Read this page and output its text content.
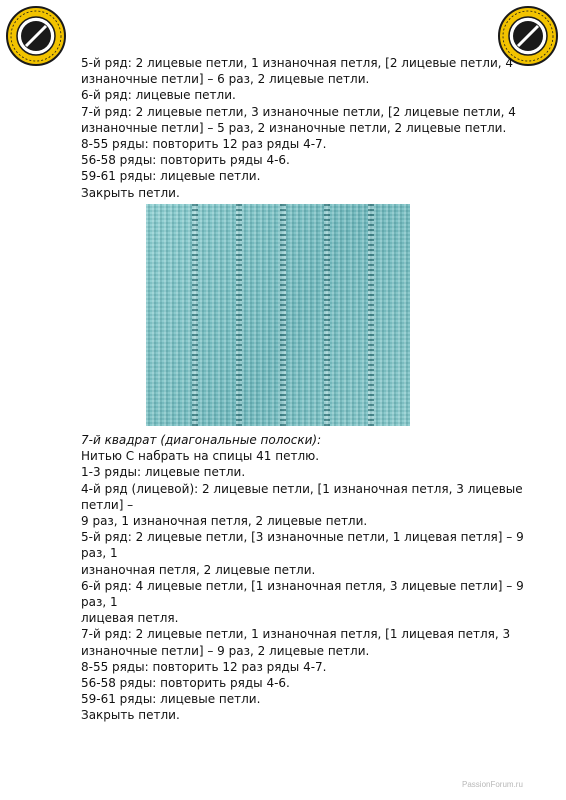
5-й ряд: 2 лицевые петли, 1 изнаночная петля, [2 лицевые петли, 4

изнаночные петли] – 6 раз, 2 лицевые петли.

6-й ряд: лицевые петли.

7-й ряд: 2 лицевые петли, 3 изнаночные петли, [2 лицевые петли, 4

изнаночные петли] – 5 раз, 2 изнаночные петли, 2 лицевые петли.

8-55 ряды: повторить 12 раз ряды 4-7.

56-58 ряды: повторить ряды 4-6.

59-61 ряды: лицевые петли.

Закрыть петли.

7-й квадрат (диагональные полоски):

Нитью С набрать на спицы 41 петлю.

1-3 ряды: лицевые петли.

4-й ряд (лицевой): 2 лицевые петли, [1 изнаночная петля, 3 лицевые петли] –

9 раз, 1 изнаночная петля, 2 лицевые петли.

5-й ряд: 2 лицевые петли, [3 изнаночные петли, 1 лицевая петля] – 9 раз, 1

изнаночная петля, 2 лицевые петли.

6-й ряд: 4 лицевые петли, [1 изнаночная петля, 3 лицевые петли] – 9 раз, 1

лицевая петля.

7-й ряд: 2 лицевые петли, 1 изнаночная петля, [1 лицевая петля, 3

изнаночные петли] – 9 раз, 2 лицевые петли.

8-55 ряды: повторить 12 раз ряды 4-7.

56-58 ряды: повторить ряды 4-6.

59-61 ряды: лицевые петли.

Закрыть петли.

PassionForum.ru
